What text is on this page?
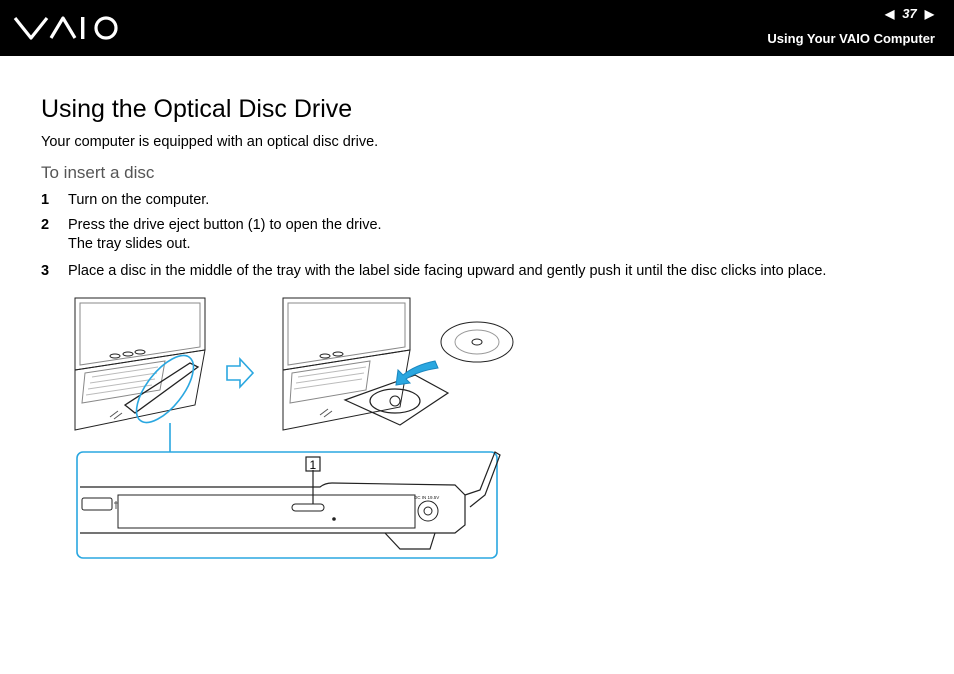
◀ 37 ▶
Using Your VAIO Computer
Using the Optical Disc Drive
Your computer is equipped with an optical disc drive.
To insert a disc
1 Turn on the computer.
2 Press the drive eject button (1) to open the drive.
The tray slides out.
3 Place a disc in the middle of the tray with the label side facing upward and gently push it until the disc clicks into place.
DC IN 19.5V
1
